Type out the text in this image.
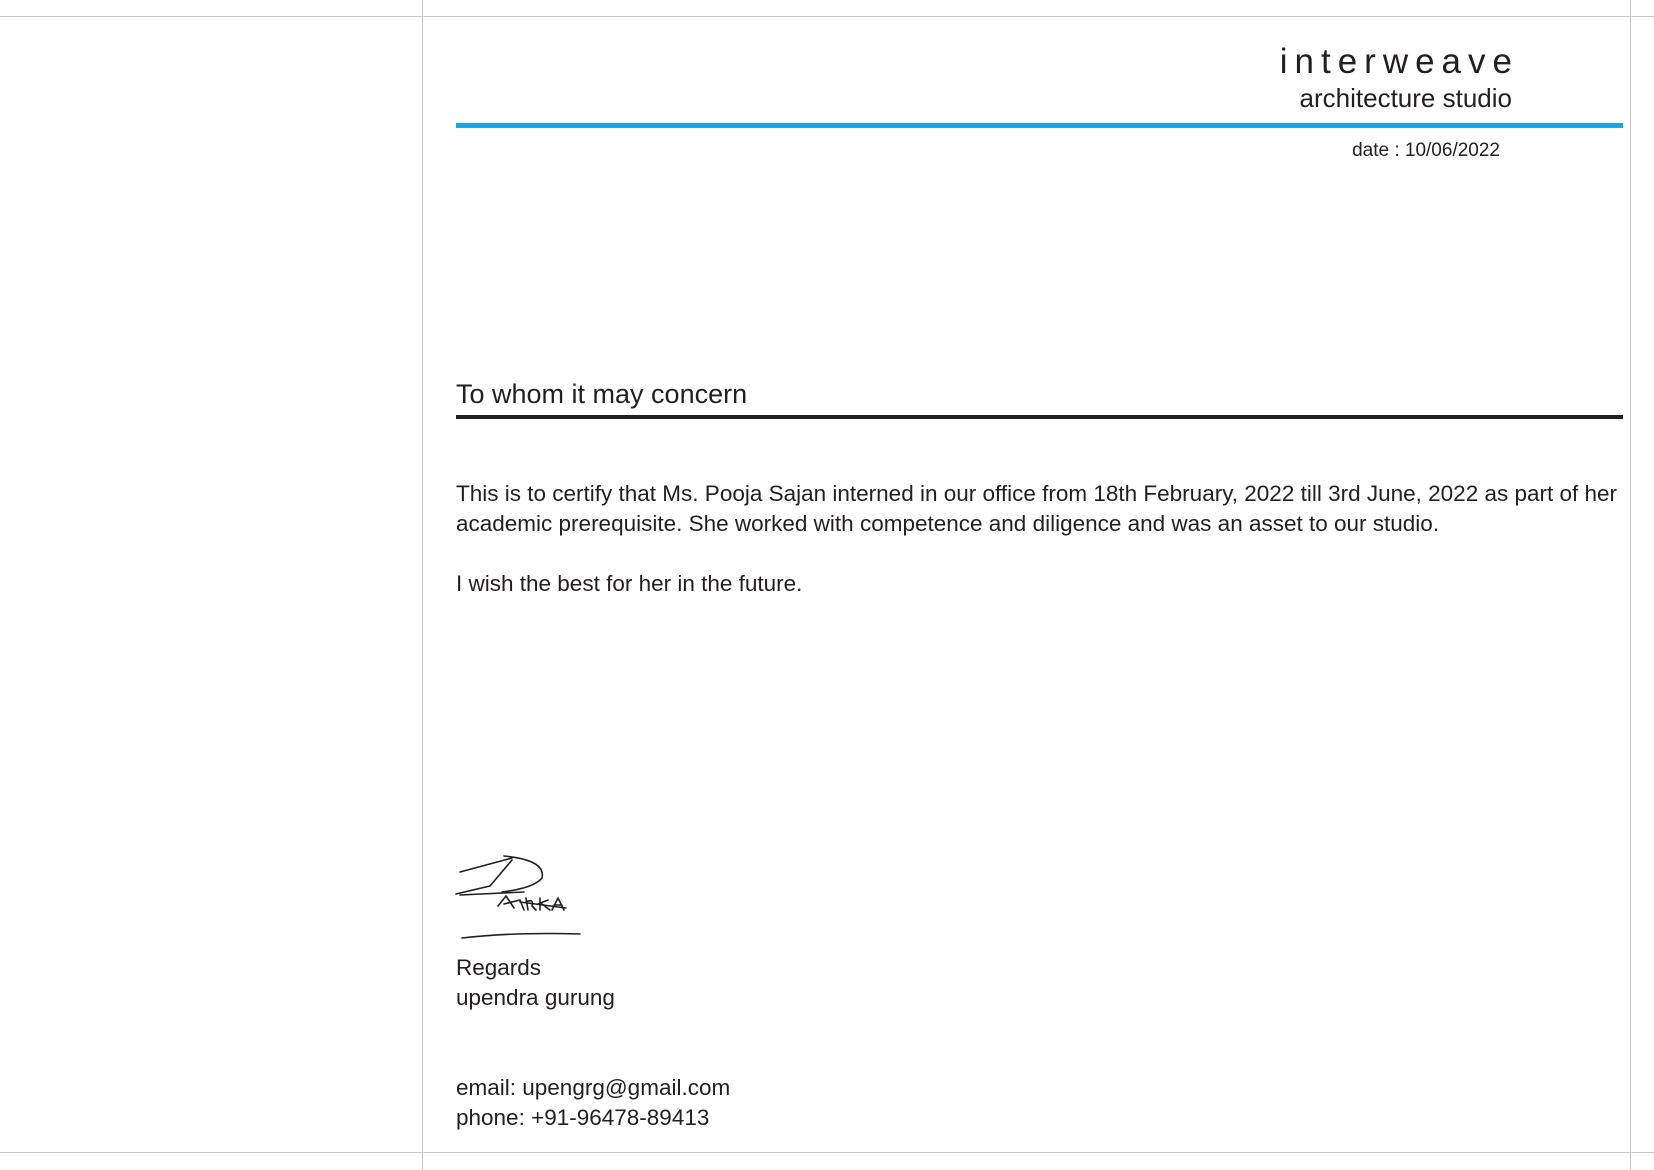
interweave
architecture studio
date : 10/06/2022
To whom it may concern

This is to certify that Ms. Pooja Sajan interned in our office from 18th February, 2022 till 3rd June, 2022 as part of her academic prerequisite. She worked with competence and diligence and was an asset to our studio.

I wish the best for her in the future.
Regards
upendra gurung
email: upengrg@gmail.com
phone: +91-96478-89413
